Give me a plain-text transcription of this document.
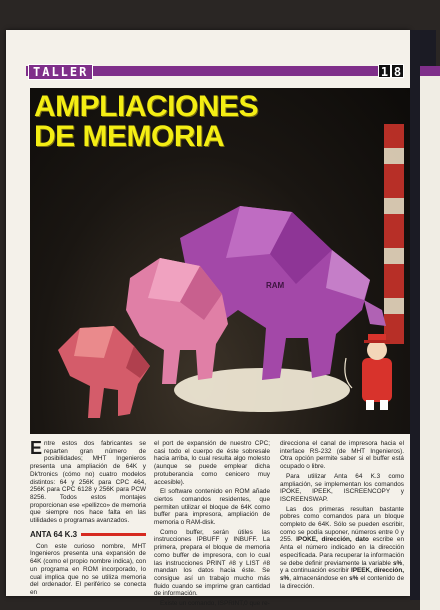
TALLER	1 8
RAM
AMPLIACIONES
DE MEMORIA

Entre estos dos fabricantes se reparten gran número de posibilidades; MHT Ingenieros presenta una ampliación de 64K y Dk'tronics (cómo no) cuatro modelos distintos: 64 y 256K para CPC 464, 256K para CPC 6128 y 256K para PCW 8256. Todos estos montajes proporcionan ese «pellizco» de memoria que siempre nos hace falta en las utilidades o programas avanzados.

ANTA 64 K.3

Con este curioso nombre, MHT Ingenieros presenta una expansión de 64K (como el propio nombre indica), con un programa en ROM incorporado, lo cual implica que no se utiliza memoria del ordenador. El periférico se conecta en

el port de expansión de nuestro CPC; casi todo el cuerpo de éste sobresale hacia arriba, lo cual resulta algo molesto (aunque se puede emplear dicha protuberancia como cenicero muy accesible).

El software contenido en ROM añade ciertos comandos residentes, que permiten utilizar el bloque de 64K como buffer para impresora, ampliación de memoria o RAM-disk.

Como buffer, serán útiles las instrucciones IPBUFF y INBUFF. La primera, prepara el bloque de memoria como buffer de impresora, con lo cual las instrucciones PRINT #8 y LIST #8 mandan los datos hacia éste. Se consigue así un trabajo mucho más fluido cuando se imprime gran cantidad de información.

Existe un comando, ISPRINT,0 que re-

direcciona el canal de impresora hacia el interface RS-232 (de MHT Ingenieros). Otra opción permite saber si el buffer está ocupado o libre.

Para utilizar Anta 64 K.3 como ampliación, se implementan los comandos IPOKE, IPEEK, ISCREENCOPY y ISCREENSWAP.

Las dos primeras resultan bastante pobres como comandos para un bloque completo de 64K. Sólo se pueden escribir, como se podía suponer, números entre 0 y 255. IPOKE, dirección, dato escribe en Anta el número indicado en la dirección especificada. Para recuperar la información se debe definir previamente la variable s%, y a continuación escribir IPEEK, dirección, s%, almacenándose en s% el contenido de la dirección.
